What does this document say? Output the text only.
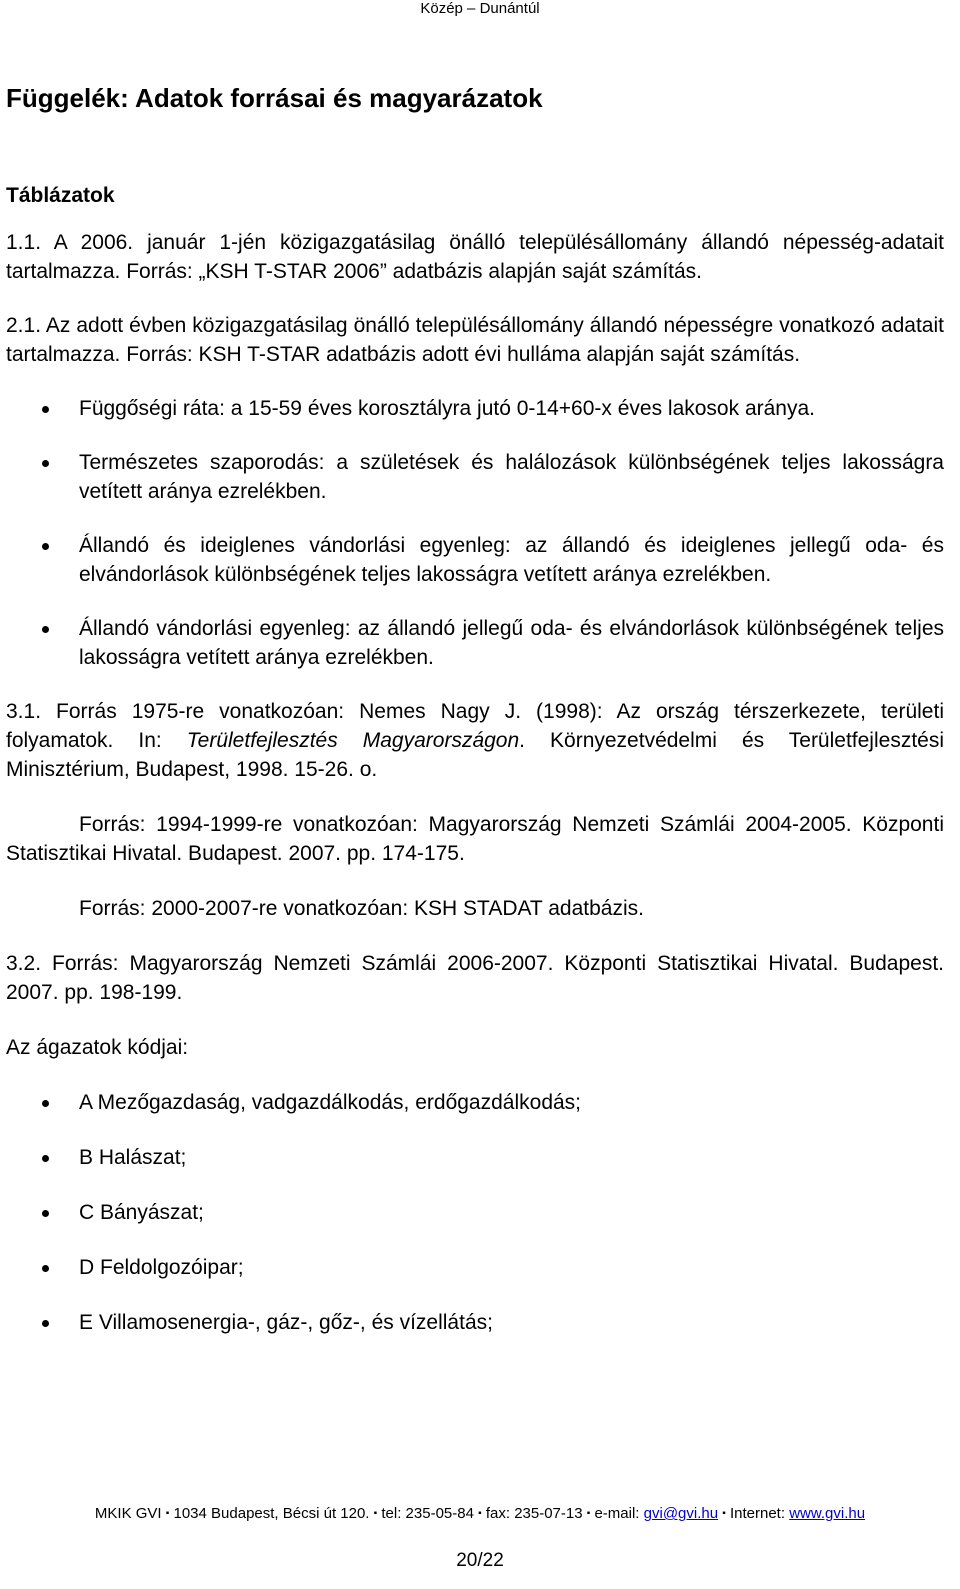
Közép – Dunántúl
Függelék: Adatok forrásai és magyarázatok
Táblázatok

1.1. A 2006. január 1-jén közigazgatásilag önálló településállomány állandó népesség-adatait tartalmazza. Forrás: „KSH T-STAR 2006” adatbázis alapján saját számítás.

2.1. Az adott évben közigazgatásilag önálló településállomány állandó népességre vonatkozó adatait tartalmazza. Forrás: KSH T-STAR adatbázis adott évi hulláma alapján saját számítás.

Függőségi ráta: a 15-59 éves korosztályra jutó 0-14+60-x éves lakosok aránya.
Természetes szaporodás: a születések és halálozások különbségének teljes lakosságra vetített aránya ezrelékben.
Állandó és ideiglenes vándorlási egyenleg: az állandó és ideiglenes jellegű oda- és elvándorlások különbségének teljes lakosságra vetített aránya ezrelékben.
Állandó vándorlási egyenleg: az állandó jellegű oda- és elvándorlások különbségének teljes lakosságra vetített aránya ezrelékben.

3.1. Forrás 1975-re vonatkozóan: Nemes Nagy J. (1998): Az ország térszerkezete, területi folyamatok. In: Területfejlesztés Magyarországon. Környezetvédelmi és Területfejlesztési Minisztérium, Budapest, 1998. 15-26. o.

Forrás: 1994-1999-re vonatkozóan: Magyarország Nemzeti Számlái 2004-2005. Központi Statisztikai Hivatal. Budapest. 2007. pp. 174-175.

Forrás: 2000-2007-re vonatkozóan: KSH STADAT adatbázis.

3.2. Forrás: Magyarország Nemzeti Számlái 2006-2007. Központi Statisztikai Hivatal. Budapest. 2007. pp. 198-199.

Az ágazatok kódjai:

A Mezőgazdaság, vadgazdálkodás, erdőgazdálkodás;
B Halászat;
C Bányászat;
D Feldolgozóipar;
E Villamosenergia-, gáz-, gőz-, és vízellátás;
MKIK GVI ▪ 1034 Budapest, Bécsi út 120. ▪ tel: 235-05-84 ▪ fax: 235-07-13 ▪ e-mail: gvi@gvi.hu ▪ Internet: www.gvi.hu
20/22
